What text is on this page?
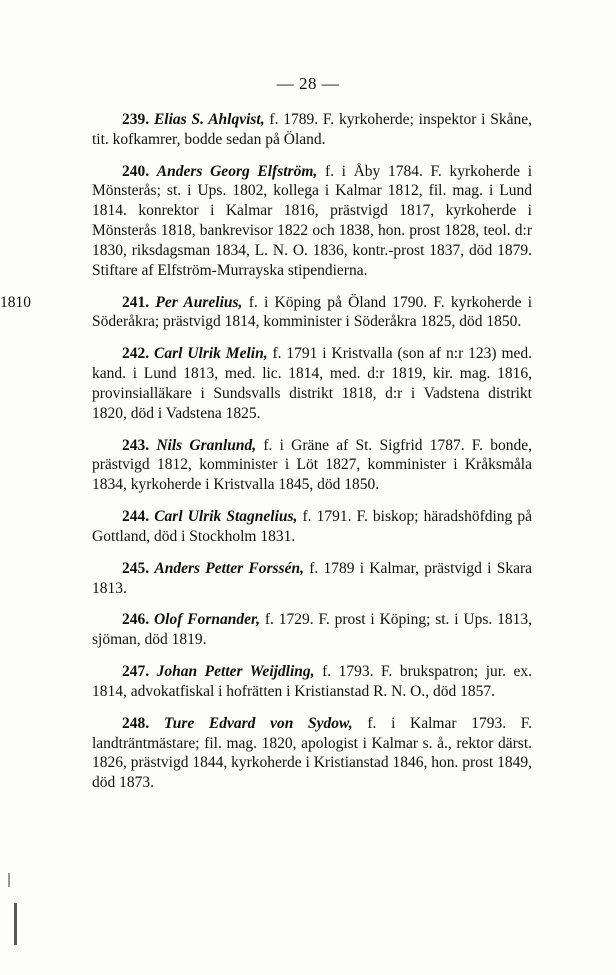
— 28 —
239. Elias S. Ahlqvist, f. 1789. F. kyrkoherde; inspektor i Skåne, tit. kofkamrer, bodde sedan på Öland.
240. Anders Georg Elfström, f. i Åby 1784. F. kyrkoherde i Mönsterås; st. i Ups. 1802, kollega i Kalmar 1812, fil. mag. i Lund 1814. konrektor i Kalmar 1816, prästvigd 1817, kyrkoherde i Mönsterås 1818, bankrevisor 1822 och 1838, hon. prost 1828, teol. d:r 1830, riksdagsman 1834, L. N. O. 1836, kontr.-prost 1837, död 1879. Stiftare af Elfström-Murrayska stipendierna.
1810	241. Per Aurelius, f. i Köping på Öland 1790. F. kyrkoherde i Söderåkra; prästvigd 1814, komminister i Söderåkra 1825, död 1850.
242. Carl Ulrik Melin, f. 1791 i Kristvalla (son af n:r 123) med. kand. i Lund 1813, med. lic. 1814, med. d:r 1819, kir. mag. 1816, provinsialläkare i Sundsvalls distrikt 1818, d:r i Vadstena distrikt 1820, död i Vadstena 1825.
243. Nils Granlund, f. i Gräne af St. Sigfrid 1787. F. bonde, prästvigd 1812, komminister i Löt 1827, komminister i Kråksmåla 1834, kyrkoherde i Kristvalla 1845, död 1850.
244. Carl Ulrik Stagnelius, f. 1791. F. biskop; häradshöfding på Gottland, död i Stockholm 1831.
245. Anders Petter Forssén, f. 1789 i Kalmar, prästvigd i Skara 1813.
246. Olof Fornander, f. 1729. F. prost i Köping; st. i Ups. 1813, sjöman, död 1819.
247. Johan Petter Weijdling, f. 1793. F. brukspatron; jur. ex. 1814, advokatfiskal i hofrätten i Kristianstad R. N. O., död 1857.
248. Ture Edvard von Sydow, f. i Kalmar 1793. F. landträntmästare; fil. mag. 1820, apologist i Kalmar s. å., rektor därst. 1826, prästvigd 1844, kyrkoherde i Kristianstad 1846, hon. prost 1849, död 1873.
